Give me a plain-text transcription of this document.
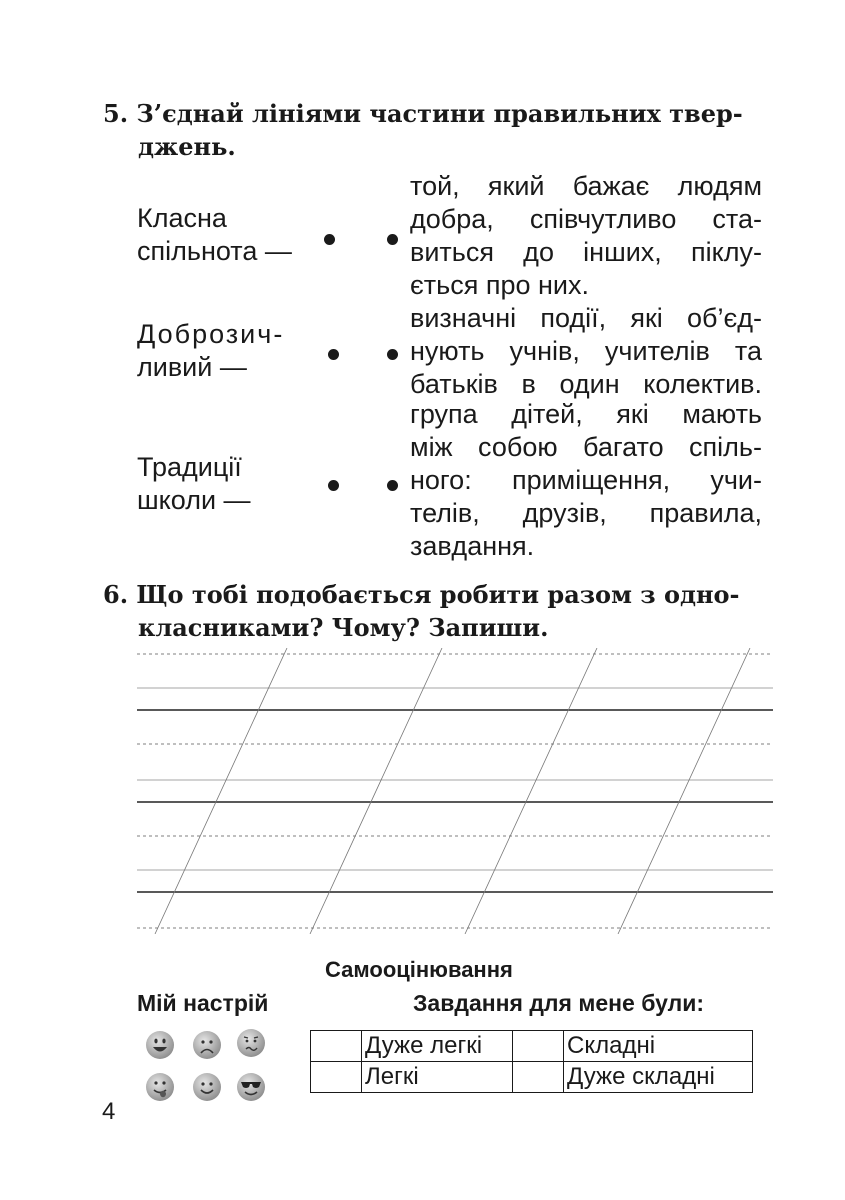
5. З’єднай лініями частини правильних твер-
джень.
Класна
спільнота —
Доброзич-
ливий —
Традиції
школи —
той, який бажає людям
добра, співчутливо ста-
виться до інших, піклу-
ється про них.
визначні події, які об’єд-
нують учнів, учителів та
батьків в один колектив.
група дітей, які мають
між собою багато спіль-
ного: приміщення, учи-
телів, друзів, правила,
завдання.
6. Що тобі подобається робити разом з одно-
класниками? Чому? Запиши.
Самооцінювання
Мій настрій	Завдання для мене були:
	Дуже легкі		Складні
	Легкі		Дуже складні
4
